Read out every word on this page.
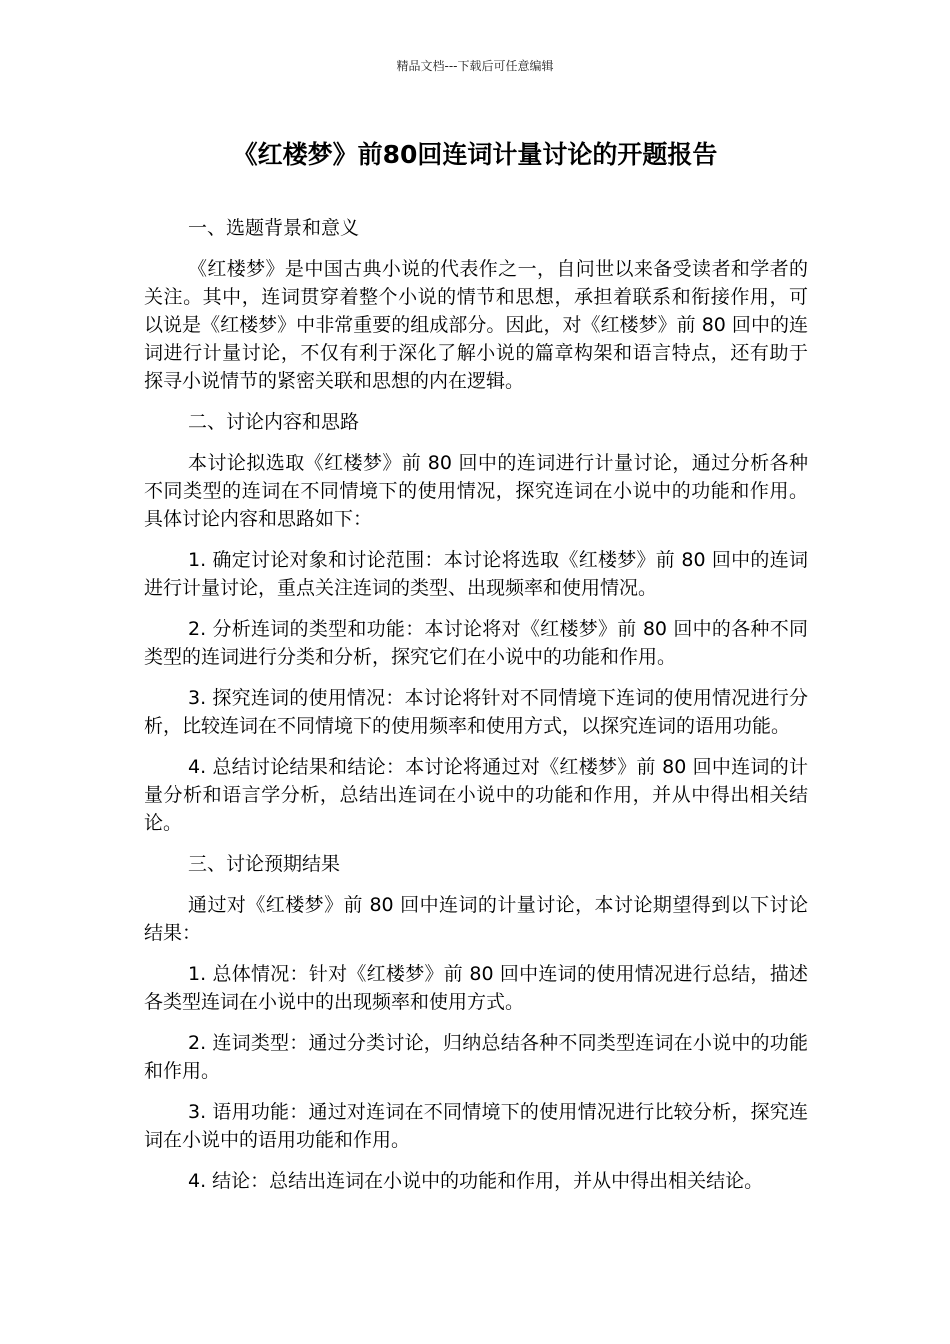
精品文档---下载后可任意编辑
《红楼梦》前80回连词计量讨论的开题报告

一、选题背景和意义

《红楼梦》是中国古典小说的代表作之一，自问世以来备受读者和学者的关注。其中，连词贯穿着整个小说的情节和思想，承担着联系和衔接作用，可以说是《红楼梦》中非常重要的组成部分。因此，对《红楼梦》前 80 回中的连词进行计量讨论，不仅有利于深化了解小说的篇章构架和语言特点，还有助于探寻小说情节的紧密关联和思想的内在逻辑。

二、讨论内容和思路

本讨论拟选取《红楼梦》前 80 回中的连词进行计量讨论，通过分析各种不同类型的连词在不同情境下的使用情况，探究连词在小说中的功能和作用。具体讨论内容和思路如下：

1. 确定讨论对象和讨论范围：本讨论将选取《红楼梦》前 80 回中的连词进行计量讨论，重点关注连词的类型、出现频率和使用情况。

2. 分析连词的类型和功能：本讨论将对《红楼梦》前 80 回中的各种不同类型的连词进行分类和分析，探究它们在小说中的功能和作用。

3. 探究连词的使用情况：本讨论将针对不同情境下连词的使用情况进行分析，比较连词在不同情境下的使用频率和使用方式，以探究连词的语用功能。

4. 总结讨论结果和结论：本讨论将通过对《红楼梦》前 80 回中连词的计量分析和语言学分析，总结出连词在小说中的功能和作用，并从中得出相关结论。

三、讨论预期结果

通过对《红楼梦》前 80 回中连词的计量讨论，本讨论期望得到以下讨论结果：

1. 总体情况：针对《红楼梦》前 80 回中连词的使用情况进行总结，描述各类型连词在小说中的出现频率和使用方式。

2. 连词类型：通过分类讨论，归纳总结各种不同类型连词在小说中的功能和作用。

3. 语用功能：通过对连词在不同情境下的使用情况进行比较分析，探究连词在小说中的语用功能和作用。

4. 结论：总结出连词在小说中的功能和作用，并从中得出相关结论。
